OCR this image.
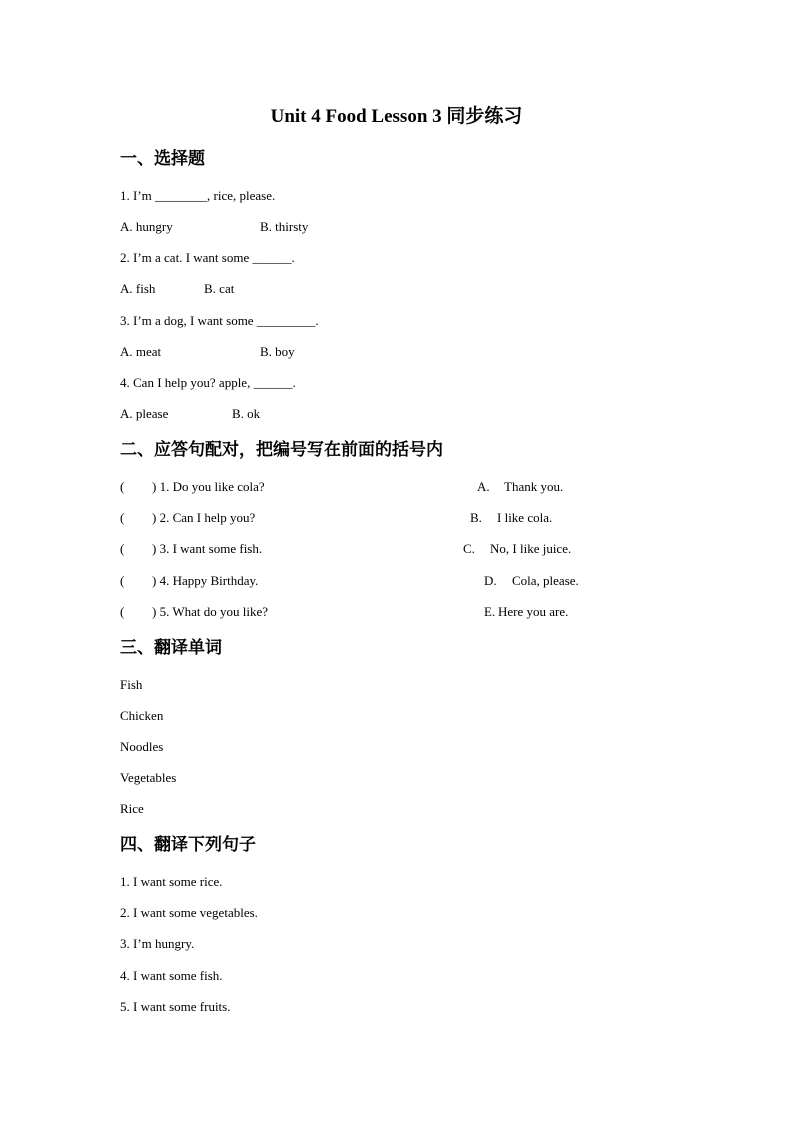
Unit 4 Food Lesson 3 同步练习
一、选择题
1. I’m ________, rice, please.
A. hungry	B. thirsty
2. I’m a cat. I want some ______.
A. fish	B. cat
3. I’m a dog, I want some _________.
A. meat	B. boy
4. Can I help you? apple, ______.
A. please	B. ok
二、应答句配对，把编号写在前面的括号内
( ) 1. Do you like cola?	A. Thank you.
( ) 2. Can I help you?	B. I like cola.
( ) 3. I want some fish.	C. No, I like juice.
( ) 4. Happy Birthday.	D. Cola, please.
( ) 5. What do you like?	E. Here you are.
三、翻译单词
Fish
Chicken
Noodles
Vegetables
Rice
四、翻译下列句子
1. I want some rice.
2. I want some vegetables.
3. I’m hungry.
4. I want some fish.
5. I want some fruits.
